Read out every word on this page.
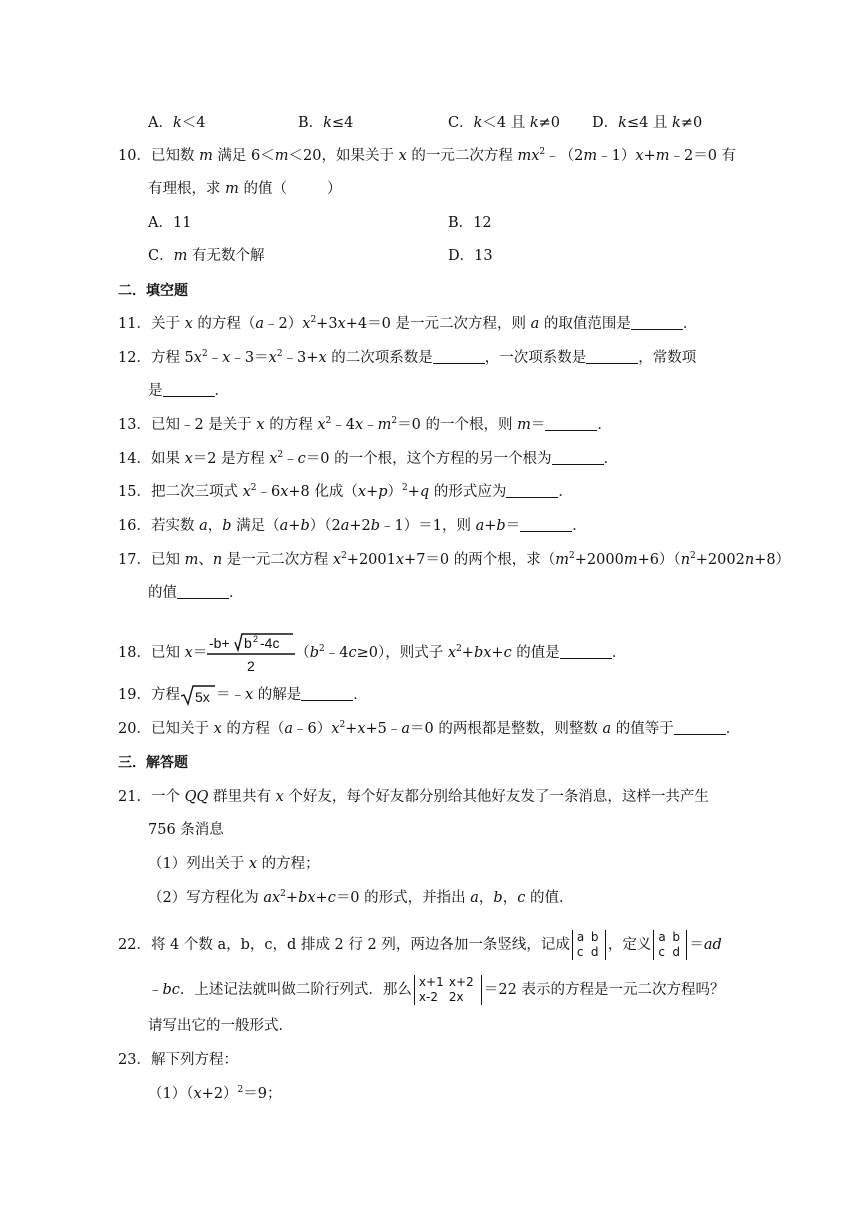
A．k＜4	B．k≤4	C．k＜4 且 k≠0 D．k≤4 且 k≠0
10．已知数 m 满足 6＜m＜20，如果关于 x 的一元二次方程 $mx^2﹣(2m﹣1)x+m﹣2=0$ 有
有理根，求 m 的值（	）
A．11	B．12
C．m 有无数个解	D．13
二．填空题
11．关于 x 的方程$(a﹣2)x^2+3x+4=0$ 是一元二次方程，则 a 的取值范围是	．
12．方程 $5x^2﹣x﹣3=x^2﹣3+x$ 的二次项系数是	，一次项系数是	，常数项
是	．
13．已知﹣2 是关于 x 的方程 $x^2﹣4x﹣m^2=0$ 的一个根，则 m＝	．
14．如果 x＝2 是方程 $x^2﹣c=0$ 的一个根，这个方程的另一个根为	．
15．把二次三项式 $x^2﹣6x+8$ 化成$(x+p)^2+q$ 的形式应为	．
16．若实数 a，b 满足（a+b）（2a+2b﹣1）＝1，则 a+b＝	．
17．已知 m、n 是一元二次方程 $x^2+2001x+7=0$ 的两个根，求$(m^2+2000m+6)(n^2+2002n+8)$
的值	．
18．已知 x＝
-b+ b 2 -4c
2
$(b^2﹣4c\ge 0)$，则式子 $x^2+bx+c$ 的值是	．
19．方程 5x ＝﹣x 的解是	．
20．已知关于 x 的方程$(a﹣6)x^2+x+5﹣a=0$ 的两根都是整数，则整数 a 的值等于	．
三．解答题
21．一个 QQ 群里共有 x 个好友，每个好友都分别给其他好友发了一条消息，这样一共产生
756 条消息
（1）列出关于 x 的方程；
（2）写方程化为 $ax^2+bx+c=0$ 的形式，并指出 a，b，c 的值．
22．将 4 个数 a，b，c，d 排成 2 行 2 列，两边各加一条竖线，记成 a b
c d ，定义 a b
c d ＝ad
﹣bc．上述记法就叫做二阶行列式．那么 x+1 x+2
x-2 2x	＝22 表示的方程是一元二次方程吗？
请写出它的一般形式．
23．解下列方程：
$(1)(x+2)^2=9$；
